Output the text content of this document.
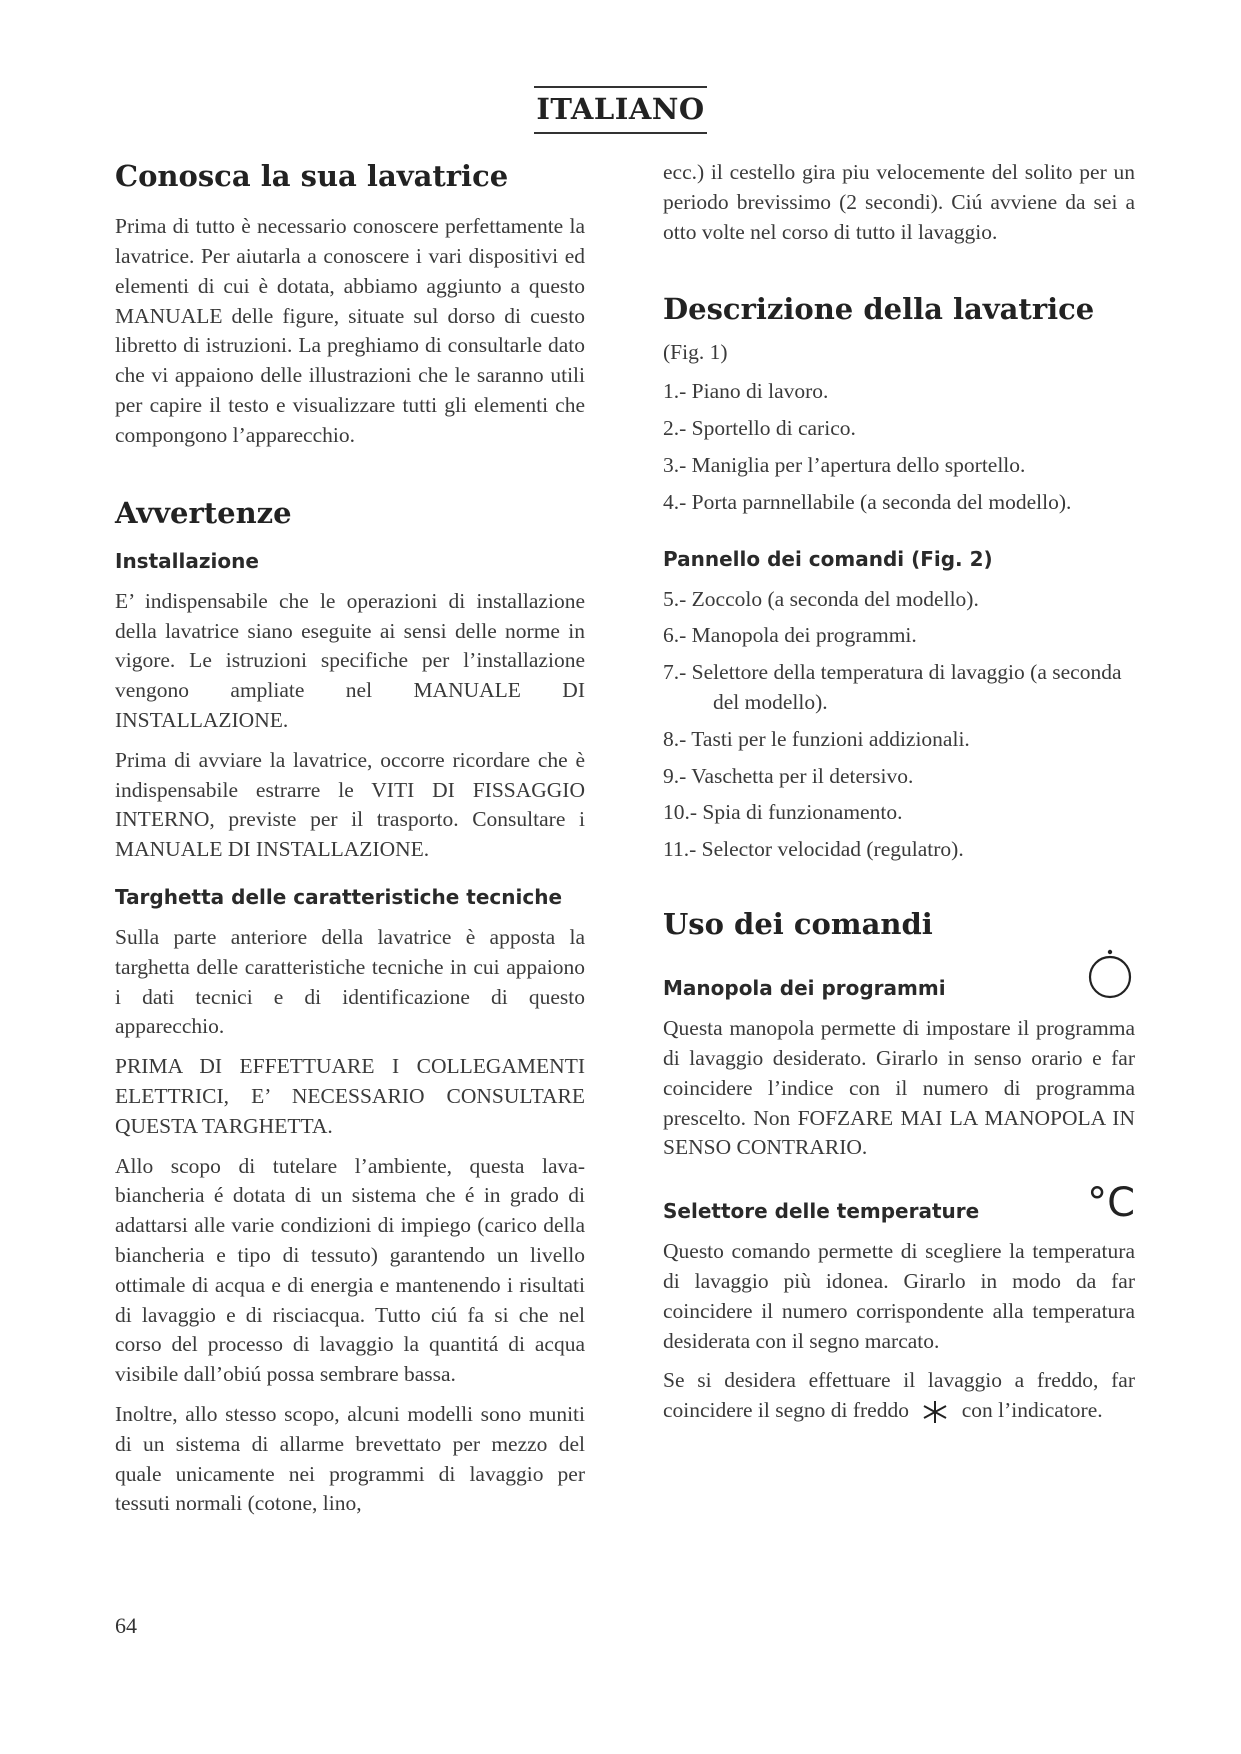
ITALIANO
Conosca la sua lavatrice

Prima di tutto è necessario conoscere perfettamente la lavatrice. Per aiutarla a conoscere i vari dispositivi ed elementi di cui è dotata, abbiamo aggiunto a questo MANUALE delle figure, situate sul dorso di cuesto libretto di istruzioni. La preghiamo di consultarle dato che vi appaiono delle illustrazioni che le saranno utili per capire il testo e visualizzare tutti gli elementi che compongono l’apparecchio.

Avvertenze
Installazione

E’ indispensabile che le operazioni di installazione della lavatrice siano eseguite ai sensi delle norme in vigore. Le istruzioni specifiche per l’installazione vengono ampliate nel MANUALE DI INSTALLAZIONE.

Prima di avviare la lavatrice, occorre ricordare che è indispensabile estrarre le VITI DI FISSAGGIO INTERNO, previste per il trasporto. Consultare i MANUALE DI INSTALLAZIONE.

Targhetta delle caratteristiche tecniche

Sulla parte anteriore della lavatrice è apposta la targhetta delle caratteristiche tecniche in cui appaiono i dati tecnici e di identificazione di questo apparecchio.

PRIMA DI EFFETTUARE I COLLEGAMENTI ELETTRICI, E’ NECESSARIO CONSULTARE QUESTA TARGHETTA.

Allo scopo di tutelare l’ambiente, questa lavabiancheria é dotata di un sistema che é in grado di adattarsi alle varie condizioni di impiego (carico della biancheria e tipo di tessuto) garantendo un livello ottimale di acqua e di energia e mantenendo i risultati di lavaggio e di risciacqua. Tutto ciú fa si che nel corso del processo di lavaggio la quantitá di acqua visibile dall’obiú possa sembrare bassa.

Inoltre, allo stesso scopo, alcuni modelli sono muniti di un sistema di allarme brevettato per mezzo del quale unicamente nei programmi di lavaggio per tessuti normali (cotone, lino,

ecc.) il cestello gira piu velocemente del solito per un periodo brevissimo (2 secondi). Ciú avviene da sei a otto volte nel corso di tutto il lavaggio.

Descrizione della lavatrice

(Fig. 1)

1.- Piano di lavoro.
2.- Sportello di carico.
3.- Maniglia per l’apertura dello sportello.
4.- Porta parnnellabile (a seconda del modello).
Pannello dei comandi (Fig. 2)
5.- Zoccolo (a seconda del modello).
6.- Manopola dei programmi.
7.- Selettore della temperatura di lavaggio (a seconda del modello).
8.- Tasti per le funzioni addizionali.
9.- Vaschetta per il detersivo.
10.- Spia di funzionamento.
11.- Selector velocidad (regulatro).
Uso dei comandi
Manopola dei programmi

Questa manopola permette di impostare il programma di lavaggio desiderato. Girarlo in senso orario e far coincidere l’indice con il numero di programma prescelto. Non FOFZARE MAI LA MANOPOLA IN SENSO CONTRARIO.

Selettore delle temperature	°C

Questo comando permette di scegliere la temperatura di lavaggio più idonea. Girarlo in modo da far coincidere il numero corrispondente alla temperatura desiderata con il segno marcato.

Se si desidera effettuare il lavaggio a freddo, far coincidere il segno di freddo con l’indicatore.

64
